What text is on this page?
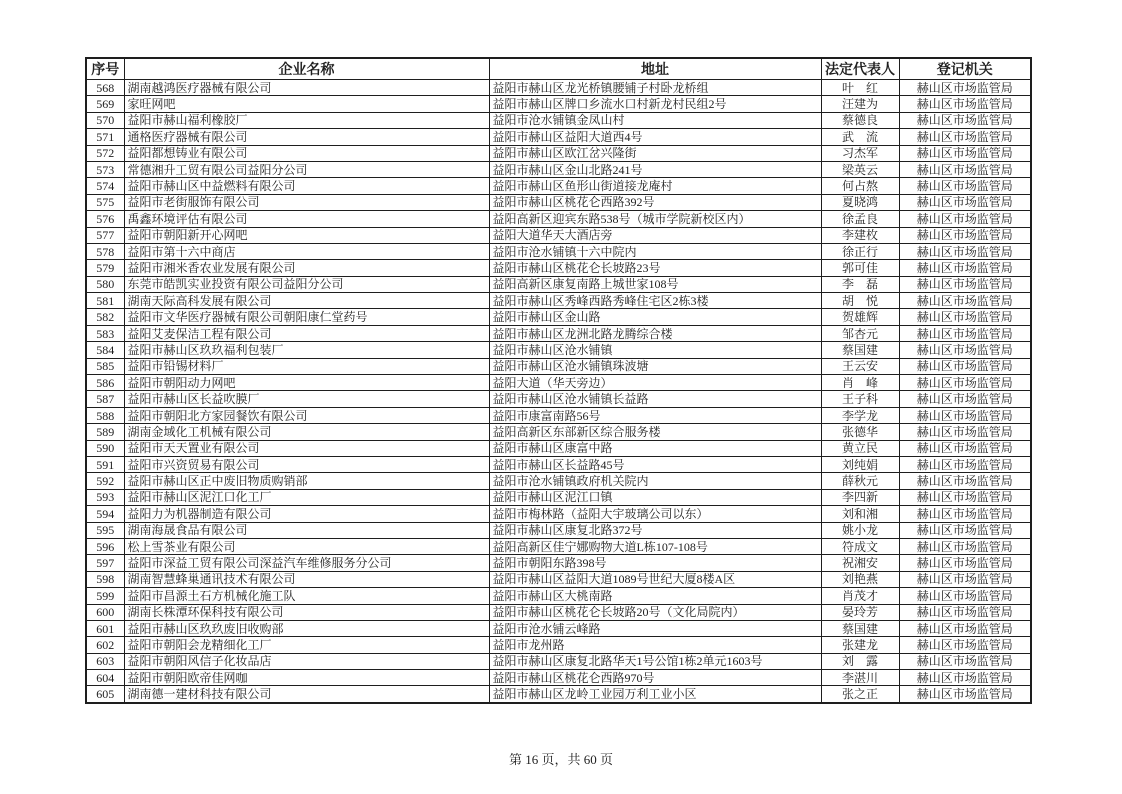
序号	企业名称	地址	法定代表人	登记机关
568	湖南越鸿医疗器械有限公司	益阳市赫山区龙光桥镇腰铺子村卧龙桥组	叶　红	赫山区市场监管局
569	家旺网吧	益阳市赫山区牌口乡流水口村新龙村民组2号	汪建为	赫山区市场监管局
570	益阳市赫山福利橡胶厂	益阳市沧水铺镇金凤山村	蔡德良	赫山区市场监管局
571	通格医疗器械有限公司	益阳市赫山区益阳大道西4号	武　流	赫山区市场监管局
572	益阳都想铸业有限公司	益阳市赫山区欧江岔兴隆街	习杰军	赫山区市场监管局
573	常德湘升工贸有限公司益阳分公司	益阳市赫山区金山北路241号	梁英云	赫山区市场监管局
574	益阳市赫山区中益燃料有限公司	益阳市赫山区鱼形山街道接龙庵村	何占熬	赫山区市场监管局
575	益阳市老街服饰有限公司	益阳市赫山区桃花仑西路392号	夏晓鸿	赫山区市场监管局
576	禹鑫环境评估有限公司	益阳高新区迎宾东路538号（城市学院新校区内）	徐孟良	赫山区市场监管局
577	益阳市朝阳新开心网吧	益阳大道华天大酒店旁	李建枚	赫山区市场监管局
578	益阳市第十六中商店	益阳市沧水铺镇十六中院内	徐正行	赫山区市场监管局
579	益阳市湘米香农业发展有限公司	益阳市赫山区桃花仑长坡路23号	郭可佳	赫山区市场监管局
580	东莞市皓凯实业投资有限公司益阳分公司	益阳高新区康复南路上城世家108号	李　磊	赫山区市场监管局
581	湖南天际高科发展有限公司	益阳市赫山区秀峰西路秀峰住宅区2栋3楼	胡　悦	赫山区市场监管局
582	益阳市文华医疗器械有限公司朝阳康仁堂药号	益阳市赫山区金山路	贺雄辉	赫山区市场监管局
583	益阳艾麦保洁工程有限公司	益阳市赫山区龙洲北路龙腾综合楼	邹杏元	赫山区市场监管局
584	益阳市赫山区玖玖福利包装厂	益阳市赫山区沧水铺镇	蔡国建	赫山区市场监管局
585	益阳市铅锡材料厂	益阳市赫山区沧水铺镇珠波塘	王云安	赫山区市场监管局
586	益阳市朝阳动力网吧	益阳大道（华天旁边）	肖　峰	赫山区市场监管局
587	益阳市赫山区长益吹膜厂	益阳市赫山区沧水铺镇长益路	王子科	赫山区市场监管局
588	益阳市朝阳北方家园餐饮有限公司	益阳市康富南路56号	李学龙	赫山区市场监管局
589	湖南金域化工机械有限公司	益阳高新区东部新区综合服务楼	张德华	赫山区市场监管局
590	益阳市天天置业有限公司	益阳市赫山区康富中路	黄立民	赫山区市场监管局
591	益阳市兴资贸易有限公司	益阳市赫山区长益路45号	刘纯娟	赫山区市场监管局
592	益阳市赫山区正中废旧物质购销部	益阳市沧水铺镇政府机关院内	薛秋元	赫山区市场监管局
593	益阳市赫山区泥江口化工厂	益阳市赫山区泥江口镇	李四新	赫山区市场监管局
594	益阳力为机器制造有限公司	益阳市梅林路（益阳大宇玻璃公司以东）	刘和湘	赫山区市场监管局
595	湖南海晟食品有限公司	益阳市赫山区康复北路372号	姚小龙	赫山区市场监管局
596	松上雪茶业有限公司	益阳高新区佳宁娜购物大道L栋107-108号	符成文	赫山区市场监管局
597	益阳市深益工贸有限公司深益汽车维修服务分公司	益阳市朝阳东路398号	祝湘安	赫山区市场监管局
598	湖南智慧蜂巢通讯技术有限公司	益阳市赫山区益阳大道1089号世纪大厦8楼A区	刘艳燕	赫山区市场监管局
599	益阳市昌源土石方机械化施工队	益阳市赫山区大桃南路	肖茂才	赫山区市场监管局
600	湖南长株潭环保科技有限公司	益阳市赫山区桃花仑长坡路20号（文化局院内）	晏玲芳	赫山区市场监管局
601	益阳市赫山区玖玖废旧收购部	益阳市沧水铺云峰路	蔡国建	赫山区市场监管局
602	益阳市朝阳会龙精细化工厂	益阳市龙州路	张建龙	赫山区市场监管局
603	益阳市朝阳风信子化妆品店	益阳市赫山区康复北路华天1号公馆1栋2单元1603号	刘　露	赫山区市场监管局
604	益阳市朝阳欧帝佳网咖	益阳市赫山区桃花仑西路970号	李湛川	赫山区市场监管局
605	湖南德一建材科技有限公司	益阳市赫山区龙岭工业园万利工业小区	张之正	赫山区市场监管局
第 16 页，共 60 页
